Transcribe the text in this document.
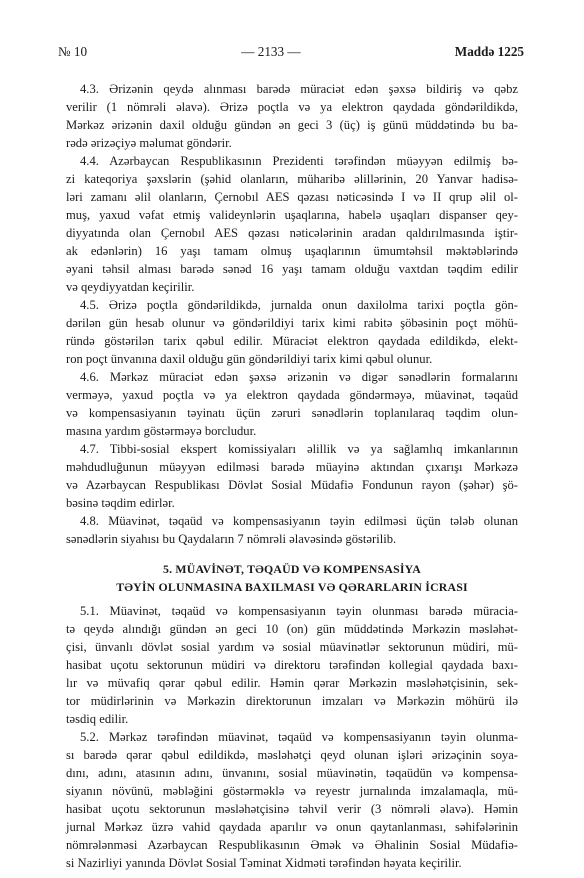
№ 10	— 2133 —	Maddə 1225
4.3. Ərizənin qeydə alınması barədə müraciət edən şəxsə bildiriş və qəbz
verilir (1 nömrəli əlavə). Ərizə poçtla və ya elektron qaydada göndərildikdə,
Mərkəz ərizənin daxil olduğu gündən ən geci 3 (üç) iş günü müddətində bu ba-
rədə ərizəçiyə məlumat göndərir.
4.4. Azərbaycan Respublikasının Prezidenti tərəfindən müəyyən edilmiş bə-
zi kateqoriya şəxslərin (şəhid olanların, müharibə əlillərinin, 20 Yanvar hadisə-
ləri zamanı əlil olanların, Çernobıl AES qəzası nəticəsində I və II qrup əlil ol-
muş, yaxud vəfat etmiş valideynlərin uşaqlarına, habelə uşaqları dispanser qey-
diyyatında olan Çernobıl AES qəzası nəticələrinin aradan qaldırılmasında iştir-
ak edənlərin) 16 yaşı tamam olmuş uşaqlarının ümumtəhsil məktəblərində
əyani təhsil alması barədə sənəd 16 yaşı tamam olduğu vaxtdan təqdim edilir
və qeydiyyatdan keçirilir.
4.5. Ərizə poçtla göndərildikdə, jurnalda onun daxilolma tarixi poçtla gön-
dərilən gün hesab olunur və göndərildiyi tarix kimi rabitə şöbəsinin poçt möhü-
ründə göstərilən tarix qəbul edilir. Müraciət elektron qaydada edildikdə, elekt-
ron poçt ünvanına daxil olduğu gün göndərildiyi tarix kimi qəbul olunur.
4.6. Mərkəz müraciət edən şəxsə ərizənin və digər sənədlərin formalarını
verməyə, yaxud poçtla və ya elektron qaydada göndərməyə, müavinət, təqaüd
və kompensasiyanın təyinatı üçün zəruri sənədlərin toplanılaraq təqdim olun-
masına yardım göstərməyə borcludur.
4.7. Tibbi-sosial ekspert komissiyaları əlillik və ya sağlamlıq imkanlarının
məhdudluğunun müəyyən edilməsi barədə müayinə aktından çıxarışı Mərkəzə
və Azərbaycan Respublikası Dövlət Sosial Müdafiə Fondunun rayon (şəhər) şö-
bəsinə təqdim edirlər.
4.8. Müavinət, təqaüd və kompensasiyanın təyin edilməsi üçün tələb olunan
sənədlərin siyahısı bu Qaydaların 7 nömrəli əlavəsində göstərilib.
5. MÜAVİNƏT, TƏQAÜD VƏ KOMPENSASİYA
TƏYİN OLUNMASINA BAXILMASI VƏ QƏRARLARIN İCRASI
5.1. Müavinət, təqaüd və kompensasiyanın təyin olunması barədə müracia-
tə qeydə alındığı gündən ən geci 10 (on) gün müddətində Mərkəzin məsləhət-
çisi, ünvanlı dövlət sosial yardım və sosial müavinətlər sektorunun müdiri, mü-
hasibat uçotu sektorunun müdiri və direktoru tərəfindən kollegial qaydada baxı-
lır və müvafiq qərar qəbul edilir. Həmin qərar Mərkəzin məsləhətçisinin, sek-
tor müdirlərinin və Mərkəzin direktorunun imzaları və Mərkəzin möhürü ilə
təsdiq edilir.
5.2. Mərkəz tərəfindən müavinət, təqaüd və kompensasiyanın təyin olunma-
sı barədə qərar qəbul edildikdə, məsləhətçi qeyd olunan işləri ərizəçinin soya-
dını, adını, atasının adını, ünvanını, sosial müavinətin, təqaüdün və kompensa-
siyanın növünü, məbləğini göstərməklə və reyestr jurnalında imzalamaqla, mü-
hasibat uçotu sektorunun məsləhətçisinə təhvil verir (3 nömrəli əlavə). Həmin
jurnal Mərkəz üzrə vahid qaydada aparılır və onun qaytanlanması, səhifələrinin
nömrələnməsi Azərbaycan Respublikasının Əmək və Əhalinin Sosial Müdafiə-
si Nazirliyi yanında Dövlət Sosial Təminat Xidməti tərəfindən həyata keçirilir.
